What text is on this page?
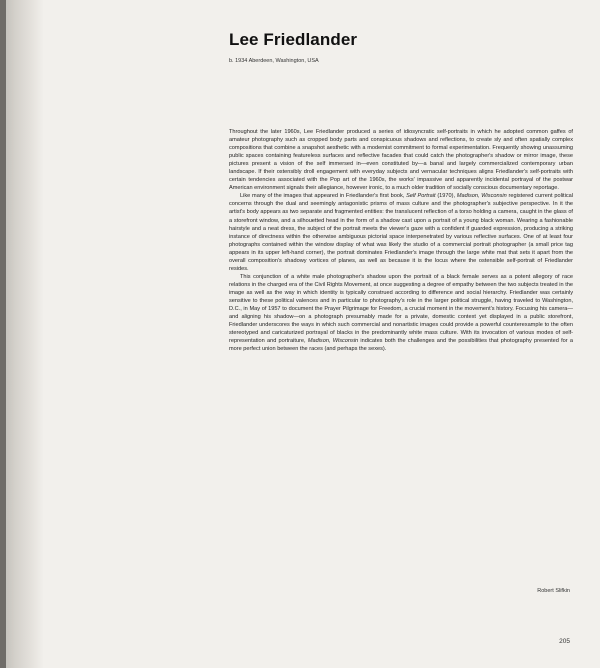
Lee Friedlander
b. 1934 Aberdeen, Washington, USA

Throughout the later 1960s, Lee Friedlander produced a series of idiosyncratic self-portraits in which he adopted common gaffes of amateur photography such as cropped body parts and conspicuous shadows and reflections, to create sly and often spatially complex compositions that combine a snapshot aesthetic with a modernist commitment to formal experimentation. Frequently showing unassuming public spaces containing featureless surfaces and reflective facades that could catch the photographer's shadow or mirror image, these pictures present a vision of the self immersed in—even constituted by—a banal and largely commercialized contemporary urban landscape. If their ostensibly droll engagement with everyday subjects and vernacular techniques aligns Friedlander's self-portraits with certain tendencies associated with the Pop art of the 1960s, the works' impassive and apparently incidental portrayal of the postwar American environment signals their allegiance, however ironic, to a much older tradition of socially conscious documentary reportage.

Like many of the images that appeared in Friedlander's first book, Self Portrait (1970), Madison, Wisconsin registered current political concerns through the dual and seemingly antagonistic prisms of mass culture and the photographer's subjective perspective. In it the artist's body appears as two separate and fragmented entities: the translucent reflection of a torso holding a camera, caught in the glass of a storefront window, and a silhouetted head in the form of a shadow cast upon a portrait of a young black woman. Wearing a fashionable hairstyle and a neat dress, the subject of the portrait meets the viewer's gaze with a confident if guarded expression, producing a striking instance of directness within the otherwise ambiguous pictorial space interpenetrated by various reflective surfaces. One of at least four photographs contained within the window display of what was likely the studio of a commercial portrait photographer (a small price tag appears in its upper left-hand corner), the portrait dominates Friedlander's image through the large white mat that sets it apart from the overall composition's shadowy vortices of planes, as well as because it is the locus where the ostensible self-portrait of Friedlander resides.

This conjunction of a white male photographer's shadow upon the portrait of a black female serves as a potent allegory of race relations in the charged era of the Civil Rights Movement, at once suggesting a degree of empathy between the two subjects treated in the image as well as the way in which identity is typically construed according to difference and social hierarchy. Friedlander was certainly sensitive to these political valences and in particular to photography's role in the larger political struggle, having traveled to Washington, D.C., in May of 1957 to document the Prayer Pilgrimage for Freedom, a crucial moment in the movement's history. Focusing his camera—and aligning his shadow—on a photograph presumably made for a private, domestic context yet displayed in a public storefront, Friedlander underscores the ways in which such commercial and nonartistic images could provide a powerful counterexample to the often stereotyped and caricaturized portrayal of blacks in the predominantly white mass culture. With its invocation of various modes of self-representation and portraiture, Madison, Wisconsin indicates both the challenges and the possibilities that photography presented for a more perfect union between the races (and perhaps the sexes).

Robert Slifkin
205
